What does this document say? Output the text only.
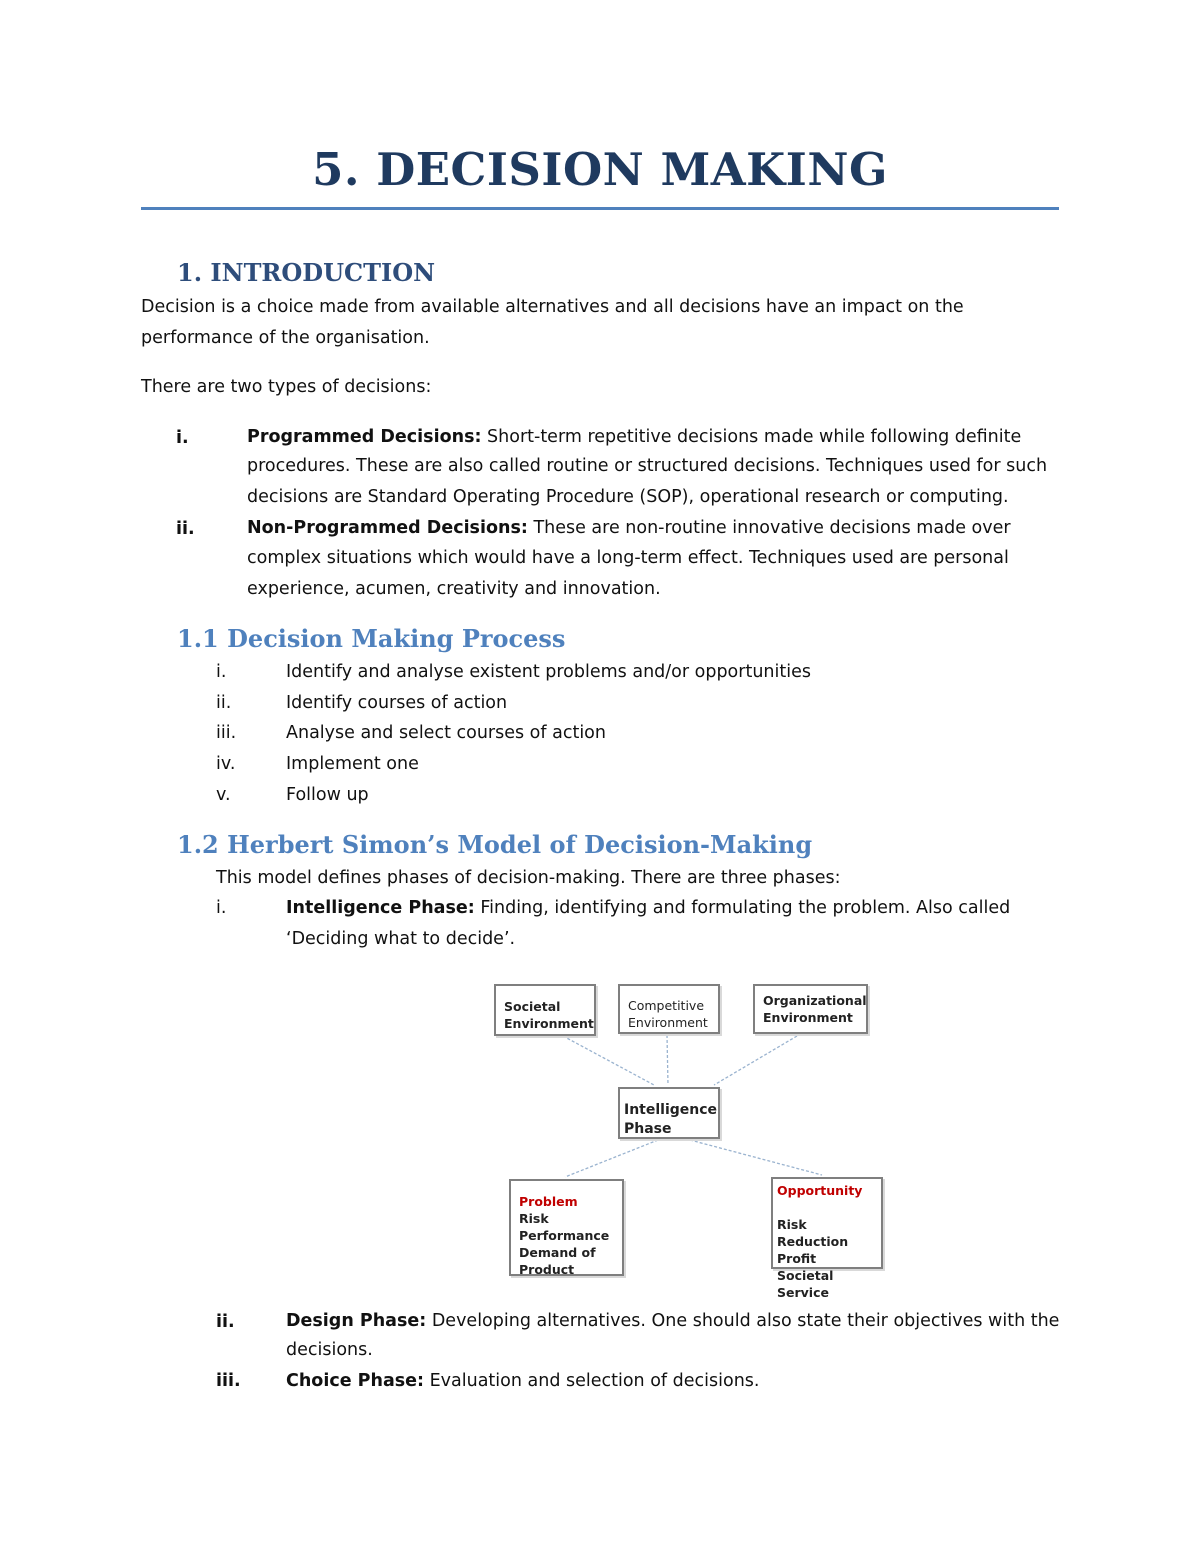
5. DECISION MAKING
1. INTRODUCTION
Decision is a choice made from available alternatives and all decisions have an impact on the
performance of the organisation.
There are two types of decisions:
i.	Programmed Decisions: Short-term repetitive decisions made while following definite
procedures. These are also called routine or structured decisions. Techniques used for such
decisions are Standard Operating Procedure (SOP), operational research or computing.
ii.	Non-Programmed Decisions: These are non-routine innovative decisions made over
complex situations which would have a long-term effect. Techniques used are personal
experience, acumen, creativity and innovation.
1.1 Decision Making Process
i.	Identify and analyse existent problems and/or opportunities
ii.	Identify courses of action
iii.	Analyse and select courses of action
iv.	Implement one
v.	Follow up
1.2 Herbert Simon’s Model of Decision-Making
This model defines phases of decision-making. There are three phases:
i.	Intelligence Phase: Finding, identifying and formulating the problem. Also called
‘Deciding what to decide’.
Societal
Environment
Competitive
Environment
Organizational
Environment
Intelligence
Phase
Problem
Risk
Performance
Demand of
Product
Opportunity
Risk Reduction
Profit
Societal Service
ii.	Design Phase: Developing alternatives. One should also state their objectives with the
decisions.
iii.	Choice Phase: Evaluation and selection of decisions.
